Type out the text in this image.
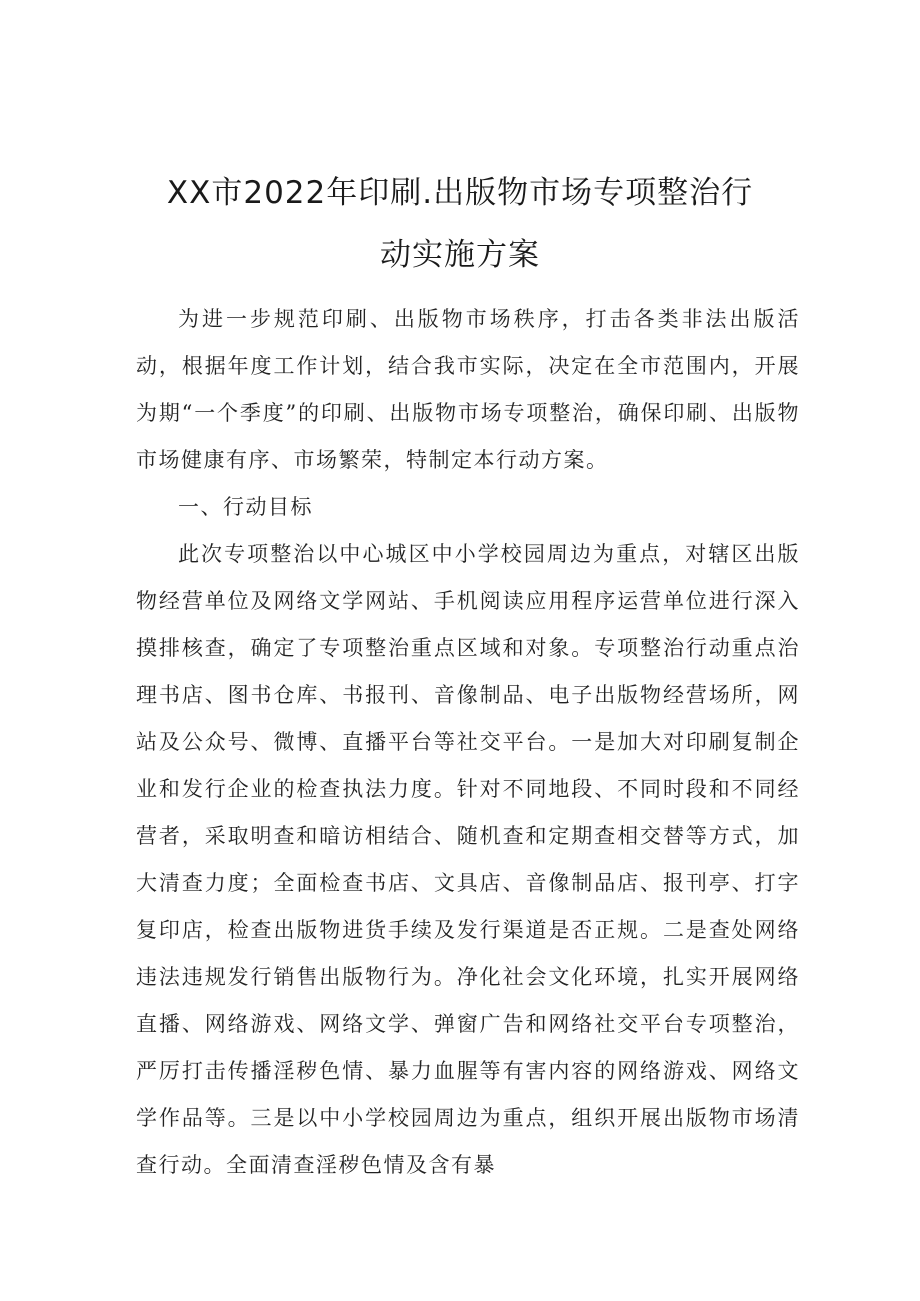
XX市2022年印刷.出版物市场专项整治行
动实施方案

为进一步规范印刷、出版物市场秩序，打击各类非法出版活动，根据年度工作计划，结合我市实际，决定在全市范围内，开展为期“一个季度”的印刷、出版物市场专项整治，确保印刷、出版物市场健康有序、市场繁荣，特制定本行动方案。

一、行动目标

此次专项整治以中心城区中小学校园周边为重点，对辖区出版物经营单位及网络文学网站、手机阅读应用程序运营单位进行深入摸排核查，确定了专项整治重点区域和对象。专项整治行动重点治理书店、图书仓库、书报刊、音像制品、电子出版物经营场所，网站及公众号、微博、直播平台等社交平台。一是加大对印刷复制企业和发行企业的检查执法力度。针对不同地段、不同时段和不同经营者，采取明查和暗访相结合、随机查和定期查相交替等方式，加大清查力度；全面检查书店、文具店、音像制品店、报刊亭、打字复印店，检查出版物进货手续及发行渠道是否正规。二是查处网络违法违规发行销售出版物行为。净化社会文化环境，扎实开展网络直播、网络游戏、网络文学、弹窗广告和网络社交平台专项整治，严厉打击传播淫秽色情、暴力血腥等有害内容的网络游戏、网络文学作品等。三是以中小学校园周边为重点，组织开展出版物市场清查行动。全面清查淫秽色情及含有暴
